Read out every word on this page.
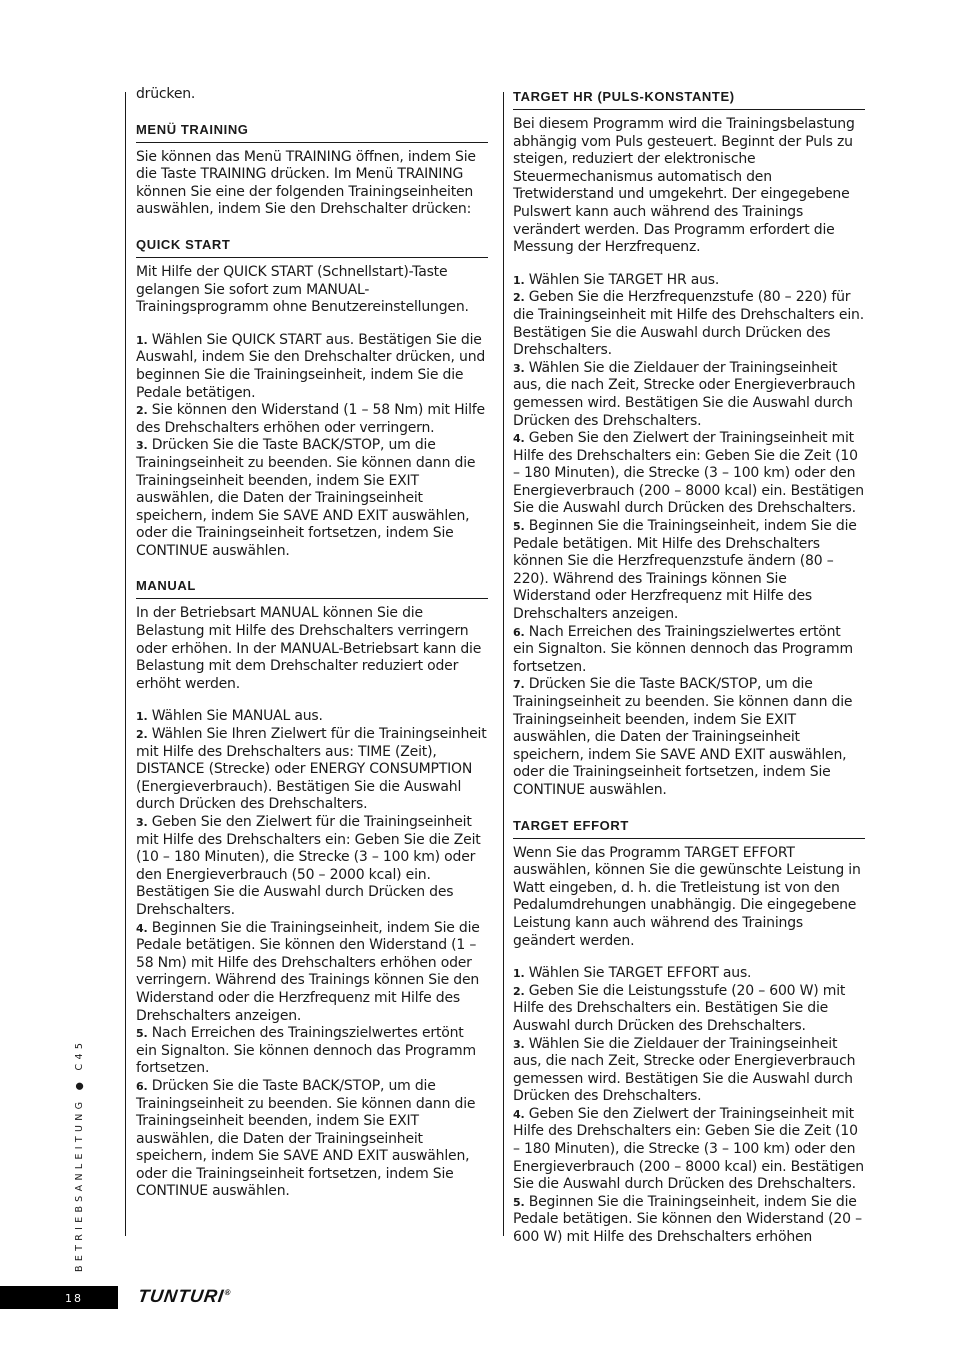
drücken.

MENÜ TRAINING

Sie können das Menü TRAINING öffnen, indem Sie die Taste TRAINING drücken. Im Menü TRAINING können Sie eine der folgenden Trainingseinheiten auswählen, indem Sie den Drehschalter drücken:

QUICK START

Mit Hilfe der QUICK START (Schnellstart)-Taste gelangen Sie sofort zum MANUAL-Trainingsprogramm ohne Benutzereinstellungen.

1. Wählen Sie QUICK START aus. Bestätigen Sie die Auswahl, indem Sie den Drehschalter drücken, und beginnen Sie die Trainingseinheit, indem Sie die Pedale betätigen.

2. Sie können den Widerstand (1 – 58 Nm) mit Hilfe des Drehschalters erhöhen oder verringern.

3. Drücken Sie die Taste BACK/STOP, um die Trainingseinheit zu beenden. Sie können dann die Trainingseinheit beenden, indem Sie EXIT auswählen, die Daten der Trainingseinheit speichern, indem Sie SAVE AND EXIT auswählen, oder die Trainingseinheit fortsetzen, indem Sie CONTINUE auswählen.

MANUAL

In der Betriebsart MANUAL können Sie die Belastung mit Hilfe des Drehschalters verringern oder erhöhen. In der MANUAL-Betriebsart kann die Belastung mit dem Drehschalter reduziert oder erhöht werden.

1. Wählen Sie MANUAL aus.

2. Wählen Sie Ihren Zielwert für die Trainingseinheit mit Hilfe des Drehschalters aus: TIME (Zeit), DISTANCE (Strecke) oder ENERGY CONSUMPTION (Energieverbrauch). Bestätigen Sie die Auswahl durch Drücken des Drehschalters.

3. Geben Sie den Zielwert für die Trainingseinheit mit Hilfe des Drehschalters ein: Geben Sie die Zeit (10 – 180 Minuten), die Strecke (3 – 100 km) oder den Energieverbrauch (50 – 2000 kcal) ein. Bestätigen Sie die Auswahl durch Drücken des Drehschalters.

4. Beginnen Sie die Trainingseinheit, indem Sie die Pedale betätigen. Sie können den Widerstand (1 – 58 Nm) mit Hilfe des Drehschalters erhöhen oder verringern. Während des Trainings können Sie den Widerstand oder die Herzfrequenz mit Hilfe des Drehschalters anzeigen.

5. Nach Erreichen des Trainingszielwertes ertönt ein Signalton. Sie können dennoch das Programm fortsetzen.

6. Drücken Sie die Taste BACK/STOP, um die Trainingseinheit zu beenden. Sie können dann die Trainingseinheit beenden, indem Sie EXIT auswählen, die Daten der Trainingseinheit speichern, indem Sie SAVE AND EXIT auswählen, oder die Trainingseinheit fortsetzen, indem Sie CONTINUE auswählen.

TARGET HR (PULS-KONSTANTE)

Bei diesem Programm wird die Trainingsbelastung abhängig vom Puls gesteuert. Beginnt der Puls zu steigen, reduziert der elektronische Steuermechanismus automatisch den Tretwiderstand und umgekehrt. Der eingegebene Pulswert kann auch während des Trainings verändert werden. Das Programm erfordert die Messung der Herzfrequenz.

1. Wählen Sie TARGET HR aus.

2. Geben Sie die Herzfrequenzstufe (80 – 220) für die Trainingseinheit mit Hilfe des Drehschalters ein. Bestätigen Sie die Auswahl durch Drücken des Drehschalters.

3. Wählen Sie die Zieldauer der Trainingseinheit aus, die nach Zeit, Strecke oder Energieverbrauch gemessen wird. Bestätigen Sie die Auswahl durch Drücken des Drehschalters.

4. Geben Sie den Zielwert der Trainingseinheit mit Hilfe des Drehschalters ein: Geben Sie die Zeit (10 – 180 Minuten), die Strecke (3 – 100 km) oder den Energieverbrauch (200 – 8000 kcal) ein. Bestätigen Sie die Auswahl durch Drücken des Drehschalters.

5. Beginnen Sie die Trainingseinheit, indem Sie die Pedale betätigen. Mit Hilfe des Drehschalters können Sie die Herzfrequenzstufe ändern (80 – 220). Während des Trainings können Sie Widerstand oder Herzfrequenz mit Hilfe des Drehschalters anzeigen.

6. Nach Erreichen des Trainingszielwertes ertönt ein Signalton. Sie können dennoch das Programm fortsetzen.

7. Drücken Sie die Taste BACK/STOP, um die Trainingseinheit zu beenden. Sie können dann die Trainingseinheit beenden, indem Sie EXIT auswählen, die Daten der Trainingseinheit speichern, indem Sie SAVE AND EXIT auswählen, oder die Trainingseinheit fortsetzen, indem Sie CONTINUE auswählen.

TARGET EFFORT

Wenn Sie das Programm TARGET EFFORT auswählen, können Sie die gewünschte Leistung in Watt eingeben, d. h. die Tretleistung ist von den Pedalumdrehungen unabhängig. Die eingegebene Leistung kann auch während des Trainings geändert werden.

1. Wählen Sie TARGET EFFORT aus.

2. Geben Sie die Leistungsstufe (20 – 600 W) mit Hilfe des Drehschalters ein. Bestätigen Sie die Auswahl durch Drücken des Drehschalters.

3. Wählen Sie die Zieldauer der Trainingseinheit aus, die nach Zeit, Strecke oder Energieverbrauch gemessen wird. Bestätigen Sie die Auswahl durch Drücken des Drehschalters.

4. Geben Sie den Zielwert der Trainingseinheit mit Hilfe des Drehschalters ein: Geben Sie die Zeit (10 – 180 Minuten), die Strecke (3 – 100 km) oder den Energieverbrauch (200 – 8000 kcal) ein. Bestätigen Sie die Auswahl durch Drücken des Drehschalters.

5. Beginnen Sie die Trainingseinheit, indem Sie die Pedale betätigen. Sie können den Widerstand (20 – 600 W) mit Hilfe des Drehschalters erhöhen

BETRIEBSANLEITUNG ● C45
18	TUNTURI®
